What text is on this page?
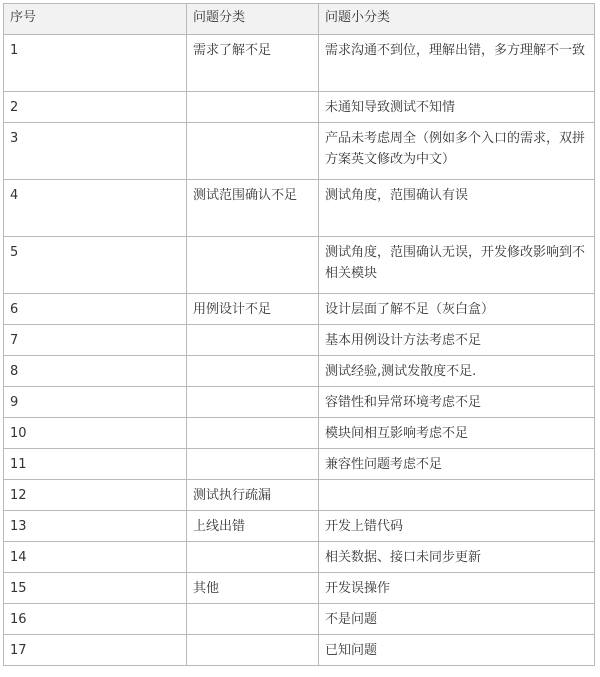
序号	问题分类	问题小分类
1	需求了解不足	需求沟通不到位，理解出错，多方理解不一致
2		未通知导致测试不知情
3		产品未考虑周全（例如多个入口的需求，双拼方案英文修改为中文）
4	测试范围确认不足	测试角度，范围确认有误
5		测试角度，范围确认无误，开发修改影响到不相关模块
6	用例设计不足	设计层面了解不足（灰白盒）
7		基本用例设计方法考虑不足
8		测试经验,测试发散度不足.
9		容错性和异常环境考虑不足
10		模块间相互影响考虑不足
11		兼容性问题考虑不足
12	测试执行疏漏	
13	上线出错	开发上错代码
14		相关数据、接口未同步更新
15	其他	开发误操作
16		不是问题
17		已知问题
